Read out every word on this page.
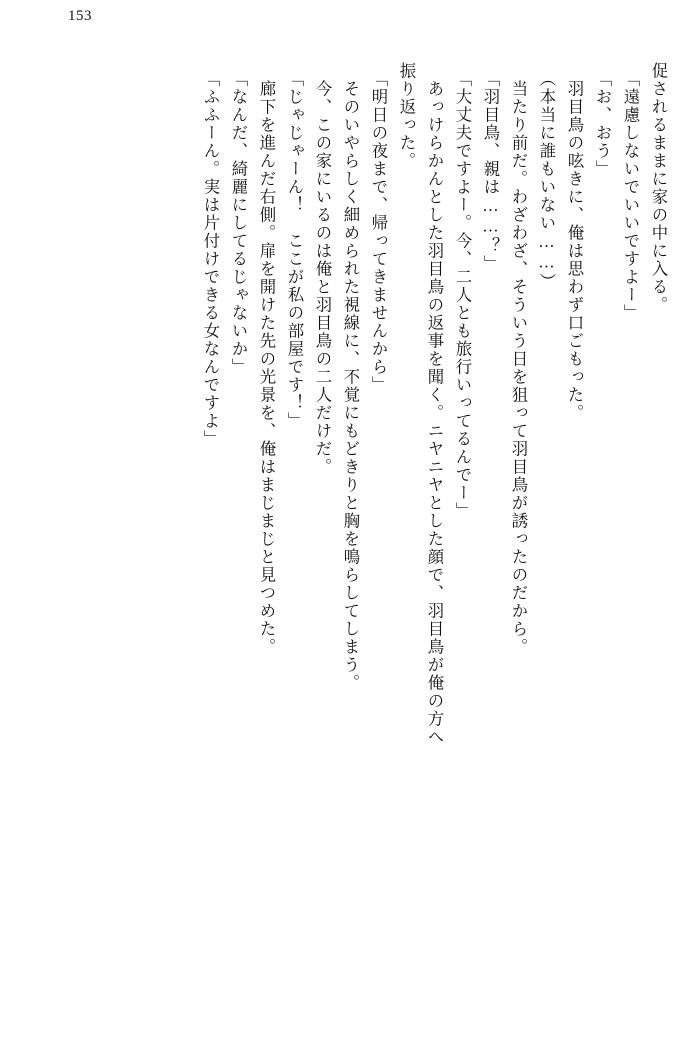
153
促されるままに家の中に入る。
「遠慮しないでいいですよー」
「お、おう」
　羽目鳥の呟きに、俺は思わず口ごもった。
（本当に誰もいない……）
　当たり前だ。わざわざ、そういう日を狙って羽目鳥が誘ったのだから。
「羽目鳥、親は……？」
「大丈夫ですよー。今、二人とも旅行いってるんでー」
　あっけらかんとした羽目鳥の返事を聞く。ニヤニヤとした顔で、羽目鳥が俺の方へ
振り返った。
「明日の夜まで、帰ってきませんから」
　そのいやらしく細められた視線に、不覚にもどきりと胸を鳴らしてしまう。
　今、この家にいるのは俺と羽目鳥の二人だけだ。
「じゃじゃーん！　ここが私の部屋です！」
　廊下を進んだ右側。扉を開けた先の光景を、俺はまじまじと見つめた。
「なんだ、綺麗にしてるじゃないか」
「ふふーん。実は片付けできる女なんですよ」
